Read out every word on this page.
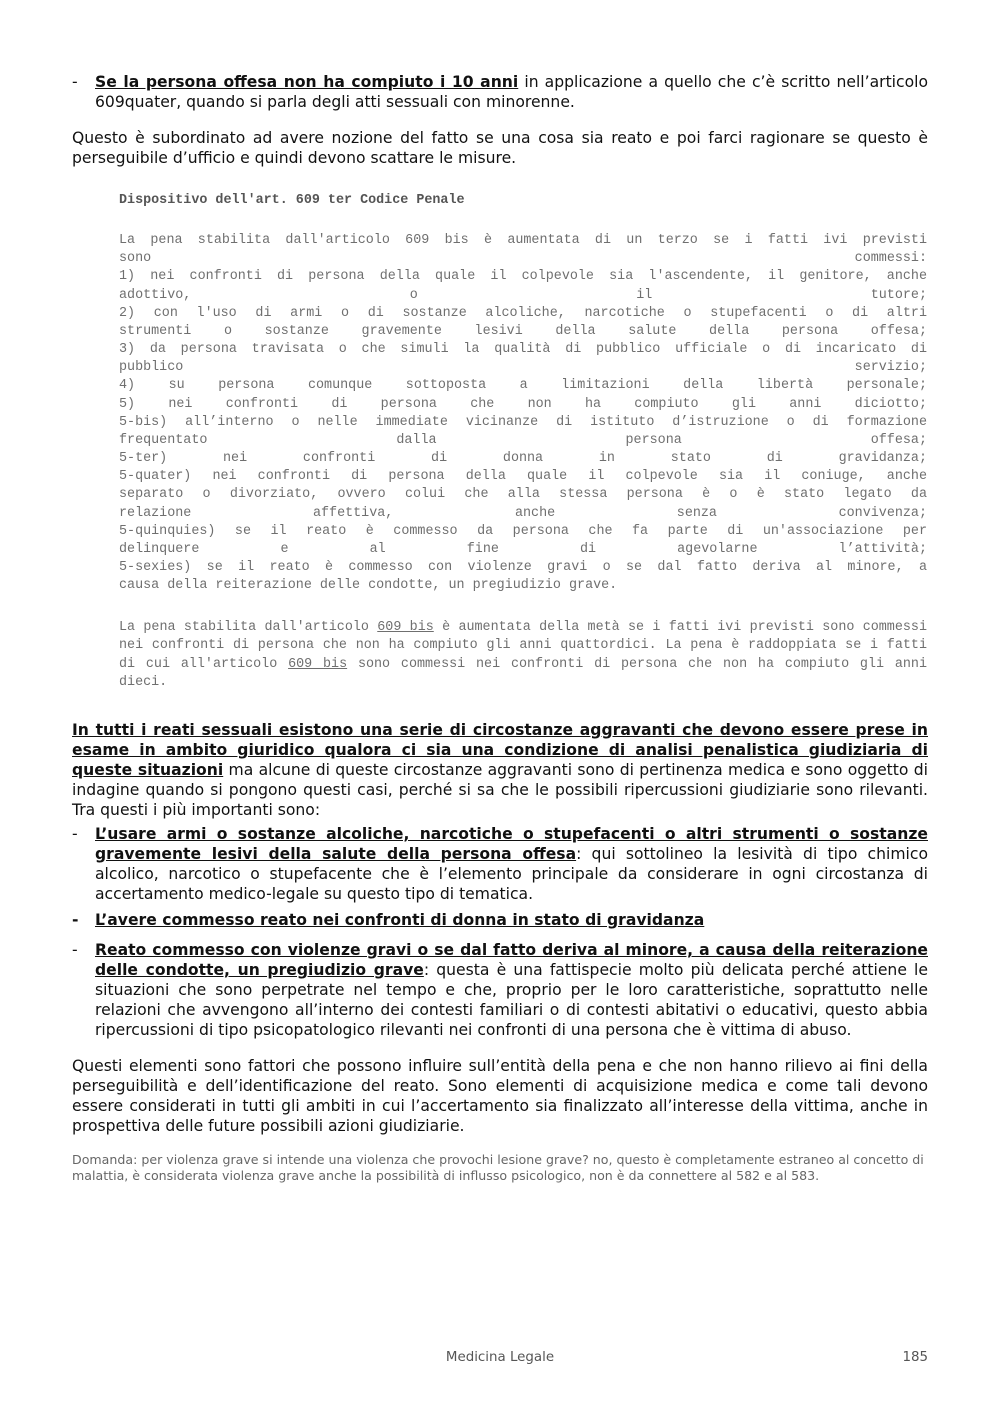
- Se la persona offesa non ha compiuto i 10 anni in applicazione a quello che c’è scritto nell’articolo 609quater, quando si parla degli atti sessuali con minorenne.

Questo è subordinato ad avere nozione del fatto se una cosa sia reato e poi farci ragionare se questo è perseguibile d’ufficio e quindi devono scattare le misure.

Dispositivo dell'art. 609 ter Codice Penale
La pena stabilita dall'articolo 609 bis è aumentata di un terzo se i fatti ivi previsti
sono commessi:
1) nei confronti di persona della quale il colpevole sia l'ascendente, il genitore, anche
adottivo, o il tutore;
2) con l'uso di armi o di sostanze alcoliche, narcotiche o stupefacenti o di altri
strumenti o sostanze gravemente lesivi della salute della persona offesa;
3) da persona travisata o che simuli la qualità di pubblico ufficiale o di incaricato di
pubblico servizio;
4) su persona comunque sottoposta a limitazioni della libertà personale;
5) nei confronti di persona che non ha compiuto gli anni diciotto;
5-bis) all’interno o nelle immediate vicinanze di istituto d’istruzione o di formazione
frequentato dalla persona offesa;
5-ter) nei confronti di donna in stato di gravidanza;
5-quater) nei confronti di persona della quale il colpevole sia il coniuge, anche
separato o divorziato, ovvero colui che alla stessa persona è o è stato legato da
relazione affettiva, anche senza convivenza;
5-quinquies) se il reato è commesso da persona che fa parte di un'associazione per
delinquere e al fine di agevolarne l’attività;
5-sexies) se il reato è commesso con violenze gravi o se dal fatto deriva al minore, a
causa della reiterazione delle condotte, un pregiudizio grave.
La pena stabilita dall'articolo 609 bis è aumentata della metà se i fatti ivi previsti sono commessi nei confronti di persona che non ha compiuto gli anni quattordici. La pena è raddoppiata se i fatti di cui all'articolo 609 bis sono commessi nei confronti di persona che non ha compiuto gli anni dieci.

In tutti i reati sessuali esistono una serie di circostanze aggravanti che devono essere prese in esame in ambito giuridico qualora ci sia una condizione di analisi penalistica giudiziaria di queste situazioni ma alcune di queste circostanze aggravanti sono di pertinenza medica e sono oggetto di indagine quando si pongono questi casi, perché si sa che le possibili ripercussioni giudiziarie sono rilevanti. Tra questi i più importanti sono:

- L’usare armi o sostanze alcoliche, narcotiche o stupefacenti o altri strumenti o sostanze gravemente lesivi della salute della persona offesa: qui sottolineo la lesività di tipo chimico alcolico, narcotico o stupefacente che è l’elemento principale da considerare in ogni circostanza di accertamento medico-legale su questo tipo di tematica.
- L’avere commesso reato nei confronti di donna in stato di gravidanza
- Reato commesso con violenze gravi o se dal fatto deriva al minore, a causa della reiterazione delle condotte, un pregiudizio grave: questa è una fattispecie molto più delicata perché attiene le situazioni che sono perpetrate nel tempo e che, proprio per le loro caratteristiche, soprattutto nelle relazioni che avvengono all’interno dei contesti familiari o di contesti abitativi o educativi, questo abbia ripercussioni di tipo psicopatologico rilevanti nei confronti di una persona che è vittima di abuso.

Questi elementi sono fattori che possono influire sull’entità della pena e che non hanno rilievo ai fini della perseguibilità e dell’identificazione del reato. Sono elementi di acquisizione medica e come tali devono essere considerati in tutti gli ambiti in cui l’accertamento sia finalizzato all’interesse della vittima, anche in prospettiva delle future possibili azioni giudiziarie.

Domanda: per violenza grave si intende una violenza che provochi lesione grave? no, questo è completamente estraneo al concetto di malattia, è considerata violenza grave anche la possibilità di influsso psicologico, non è da connettere al 582 e al 583.
Medicina Legale	185
